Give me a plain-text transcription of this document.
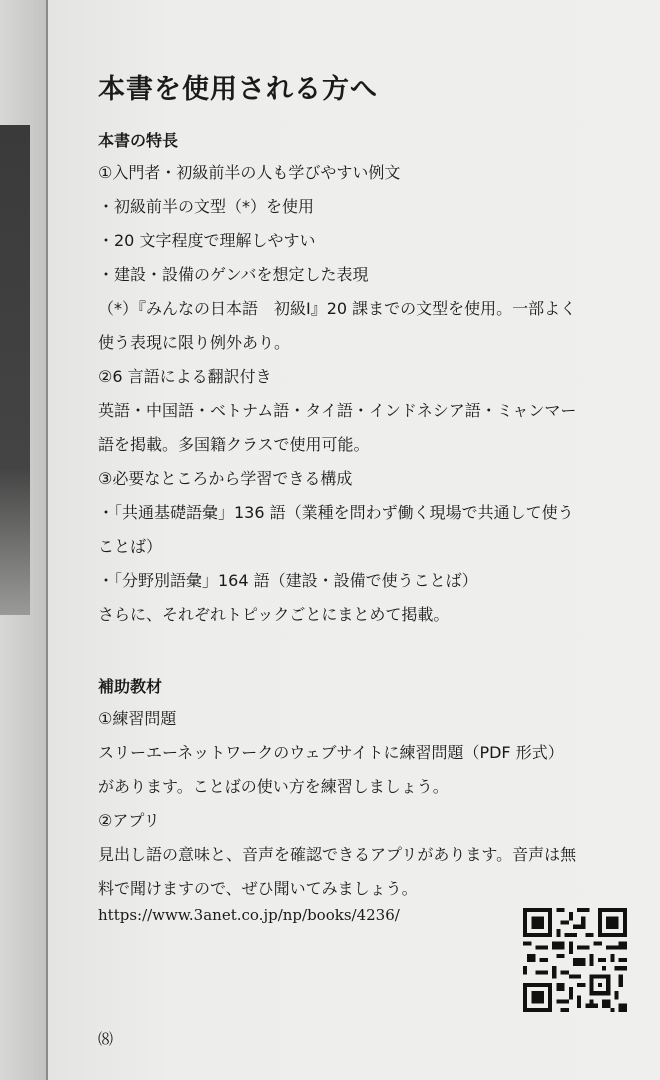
本書を使用される方へ
本書の特長
①入門者・初級前半の人も学びやすい例文
・初級前半の文型（*）を使用
・20 文字程度で理解しやすい
・建設・設備のゲンバを想定した表現
（*）『みんなの日本語　初級Ⅰ』20 課までの文型を使用。一部よく
使う表現に限り例外あり。
②6 言語による翻訳付き
英語・中国語・ベトナム語・タイ語・インドネシア語・ミャンマー
語を掲載。多国籍クラスで使用可能。
③必要なところから学習できる構成
・「共通基礎語彙」136 語（業種を問わず働く現場で共通して使う
ことば）
・「分野別語彙」164 語（建設・設備で使うことば）
さらに、それぞれトピックごとにまとめて掲載。
補助教材
①練習問題
スリーエーネットワークのウェブサイトに練習問題（PDF 形式）
があります。ことばの使い方を練習しましょう。
②アプリ
見出し語の意味と、音声を確認できるアプリがあります。音声は無
料で聞けますので、ぜひ聞いてみましょう。
https://www.3anet.co.jp/np/books/4236/
⑻
